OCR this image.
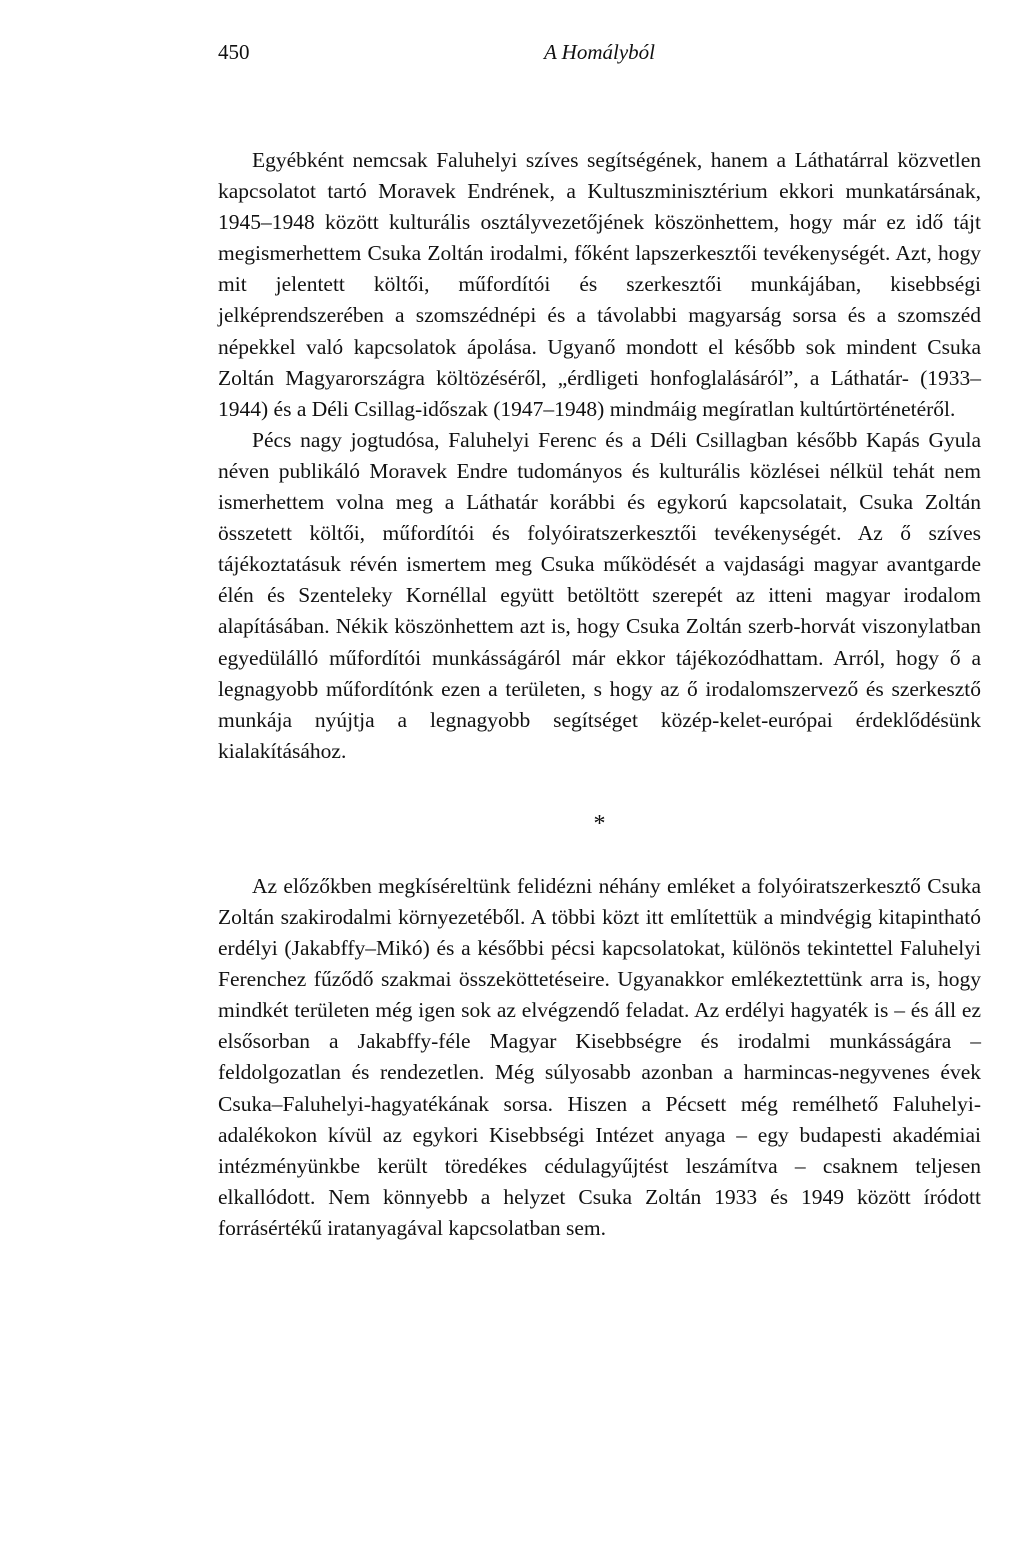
450	A Homályból

Egyébként nemcsak Faluhelyi szíves segítségének, hanem a Láthatárral közvetlen kapcsolatot tartó Moravek Endrének, a Kultuszminisztérium ekkori munkatársának, 1945–1948 között kulturális osztályvezetőjének köszönhettem, hogy már ez idő tájt megismerhettem Csuka Zoltán irodalmi, főként lapszerkesztői tevékenységét. Azt, hogy mit jelentett költői, műfordítói és szerkesztői munkájában, kisebbségi jelképrendszerében a szomszédnépi és a távolabbi magyarság sorsa és a szomszéd népekkel való kapcsolatok ápolása. Ugyanő mondott el később sok mindent Csuka Zoltán Magyarországra költözéséről, „érdligeti honfoglalásáról”, a Láthatár- (1933–1944) és a Déli Csillag-időszak (1947–1948) mindmáig megíratlan kultúrtörténetéről.

Pécs nagy jogtudósa, Faluhelyi Ferenc és a Déli Csillagban később Kapás Gyula néven publikáló Moravek Endre tudományos és kulturális közlései nélkül tehát nem ismerhettem volna meg a Láthatár korábbi és egykorú kapcsolatait, Csuka Zoltán összetett költői, műfordítói és folyóiratszerkesztői tevékenységét. Az ő szíves tájékoztatásuk révén ismertem meg Csuka működését a vajdasági magyar avantgarde élén és Szenteleky Kornéllal együtt betöltött szerepét az itteni magyar irodalom alapításában. Nékik köszönhettem azt is, hogy Csuka Zoltán szerb-horvát viszonylatban egyedülálló műfordítói munkásságáról már ekkor tájékozódhattam. Arról, hogy ő a legnagyobb műfordítónk ezen a területen, s hogy az ő irodalomszervező és szerkesztő munkája nyújtja a legnagyobb segítséget közép-kelet-európai érdeklődésünk kialakításához.

*

Az előzőkben megkíséreltünk felidézni néhány emléket a folyóiratszerkesztő Csuka Zoltán szakirodalmi környezetéből. A többi közt itt említettük a mindvégig kitapintható erdélyi (Jakabffy–Mikó) és a későbbi pécsi kapcsolatokat, különös tekintettel Faluhelyi Ferenchez fűződő szakmai összeköttetéseire. Ugyanakkor emlékeztettünk arra is, hogy mindkét területen még igen sok az elvégzendő feladat. Az erdélyi hagyaték is – és áll ez elsősorban a Jakabffy-féle Magyar Kisebbségre és irodalmi munkásságára – feldolgozatlan és rendezetlen. Még súlyosabb azonban a harmincas-negyvenes évek Csuka–Faluhelyi-hagyatékának sorsa. Hiszen a Pécsett még remélhető Faluhelyi-adalékokon kívül az egykori Kisebbségi Intézet anyaga – egy budapesti akadémiai intézményünkbe került töredékes cédulagyűjtést leszámítva – csaknem teljesen elkallódott. Nem könnyebb a helyzet Csuka Zoltán 1933 és 1949 között íródott forrásértékű iratanyagával kapcsolatban sem.
